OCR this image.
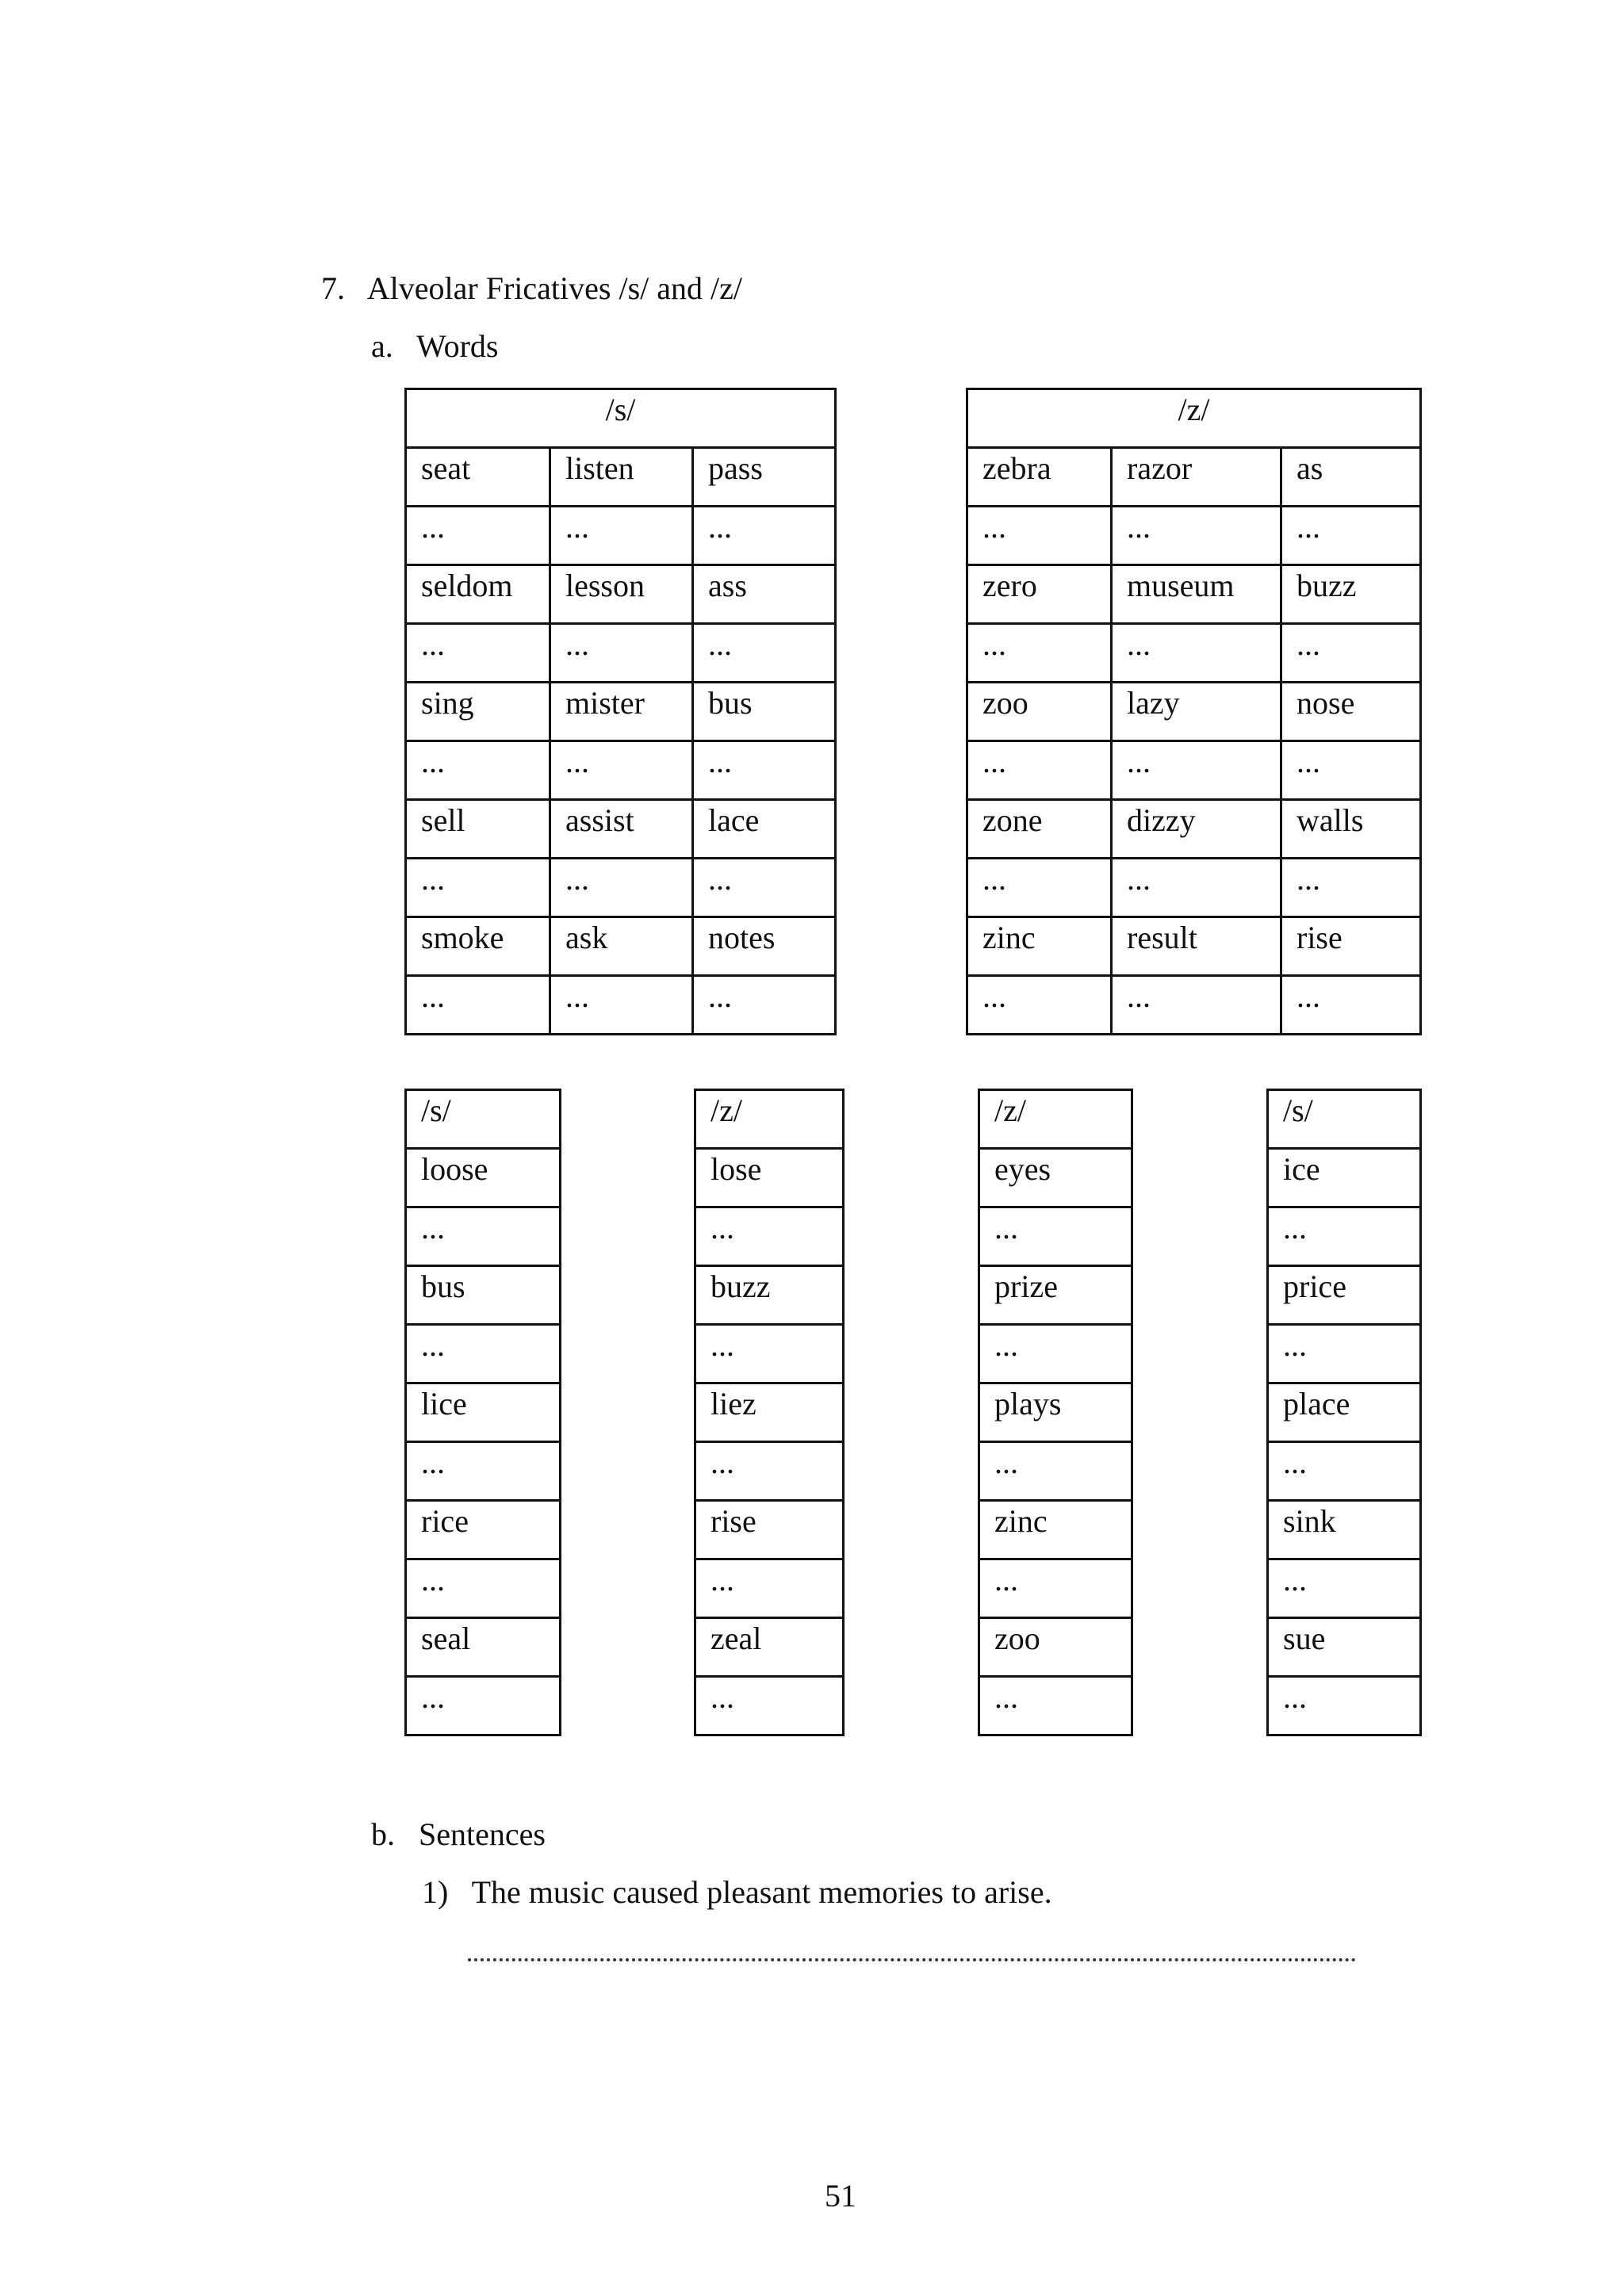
7. Alveolar Fricatives /s/ and /z/
a. Words
/s/		
seat	listen	pass
...	...	...
seldom	lesson	ass
...	...	...
sing	mister	bus
...	...	...
sell	assist	lace
...	...	...
smoke	ask	notes
...	...	...
/z/		
zebra	razor	as
...	...	...
zero	museum	buzz
...	...	...
zoo	lazy	nose
...	...	...
zone	dizzy	walls
...	...	...
zinc	result	rise
...	...	...
/s/
loose
...
bus
...
lice
...
rice
...
seal
...
/z/
lose
...
buzz
...
liez
...
rise
...
zeal
...
/z/
eyes
...
prize
...
plays
...
zinc
...
zoo
...
/s/
ice
...
price
...
place
...
sink
...
sue
...
b. Sentences
1) The music caused pleasant memories to arise.
51
